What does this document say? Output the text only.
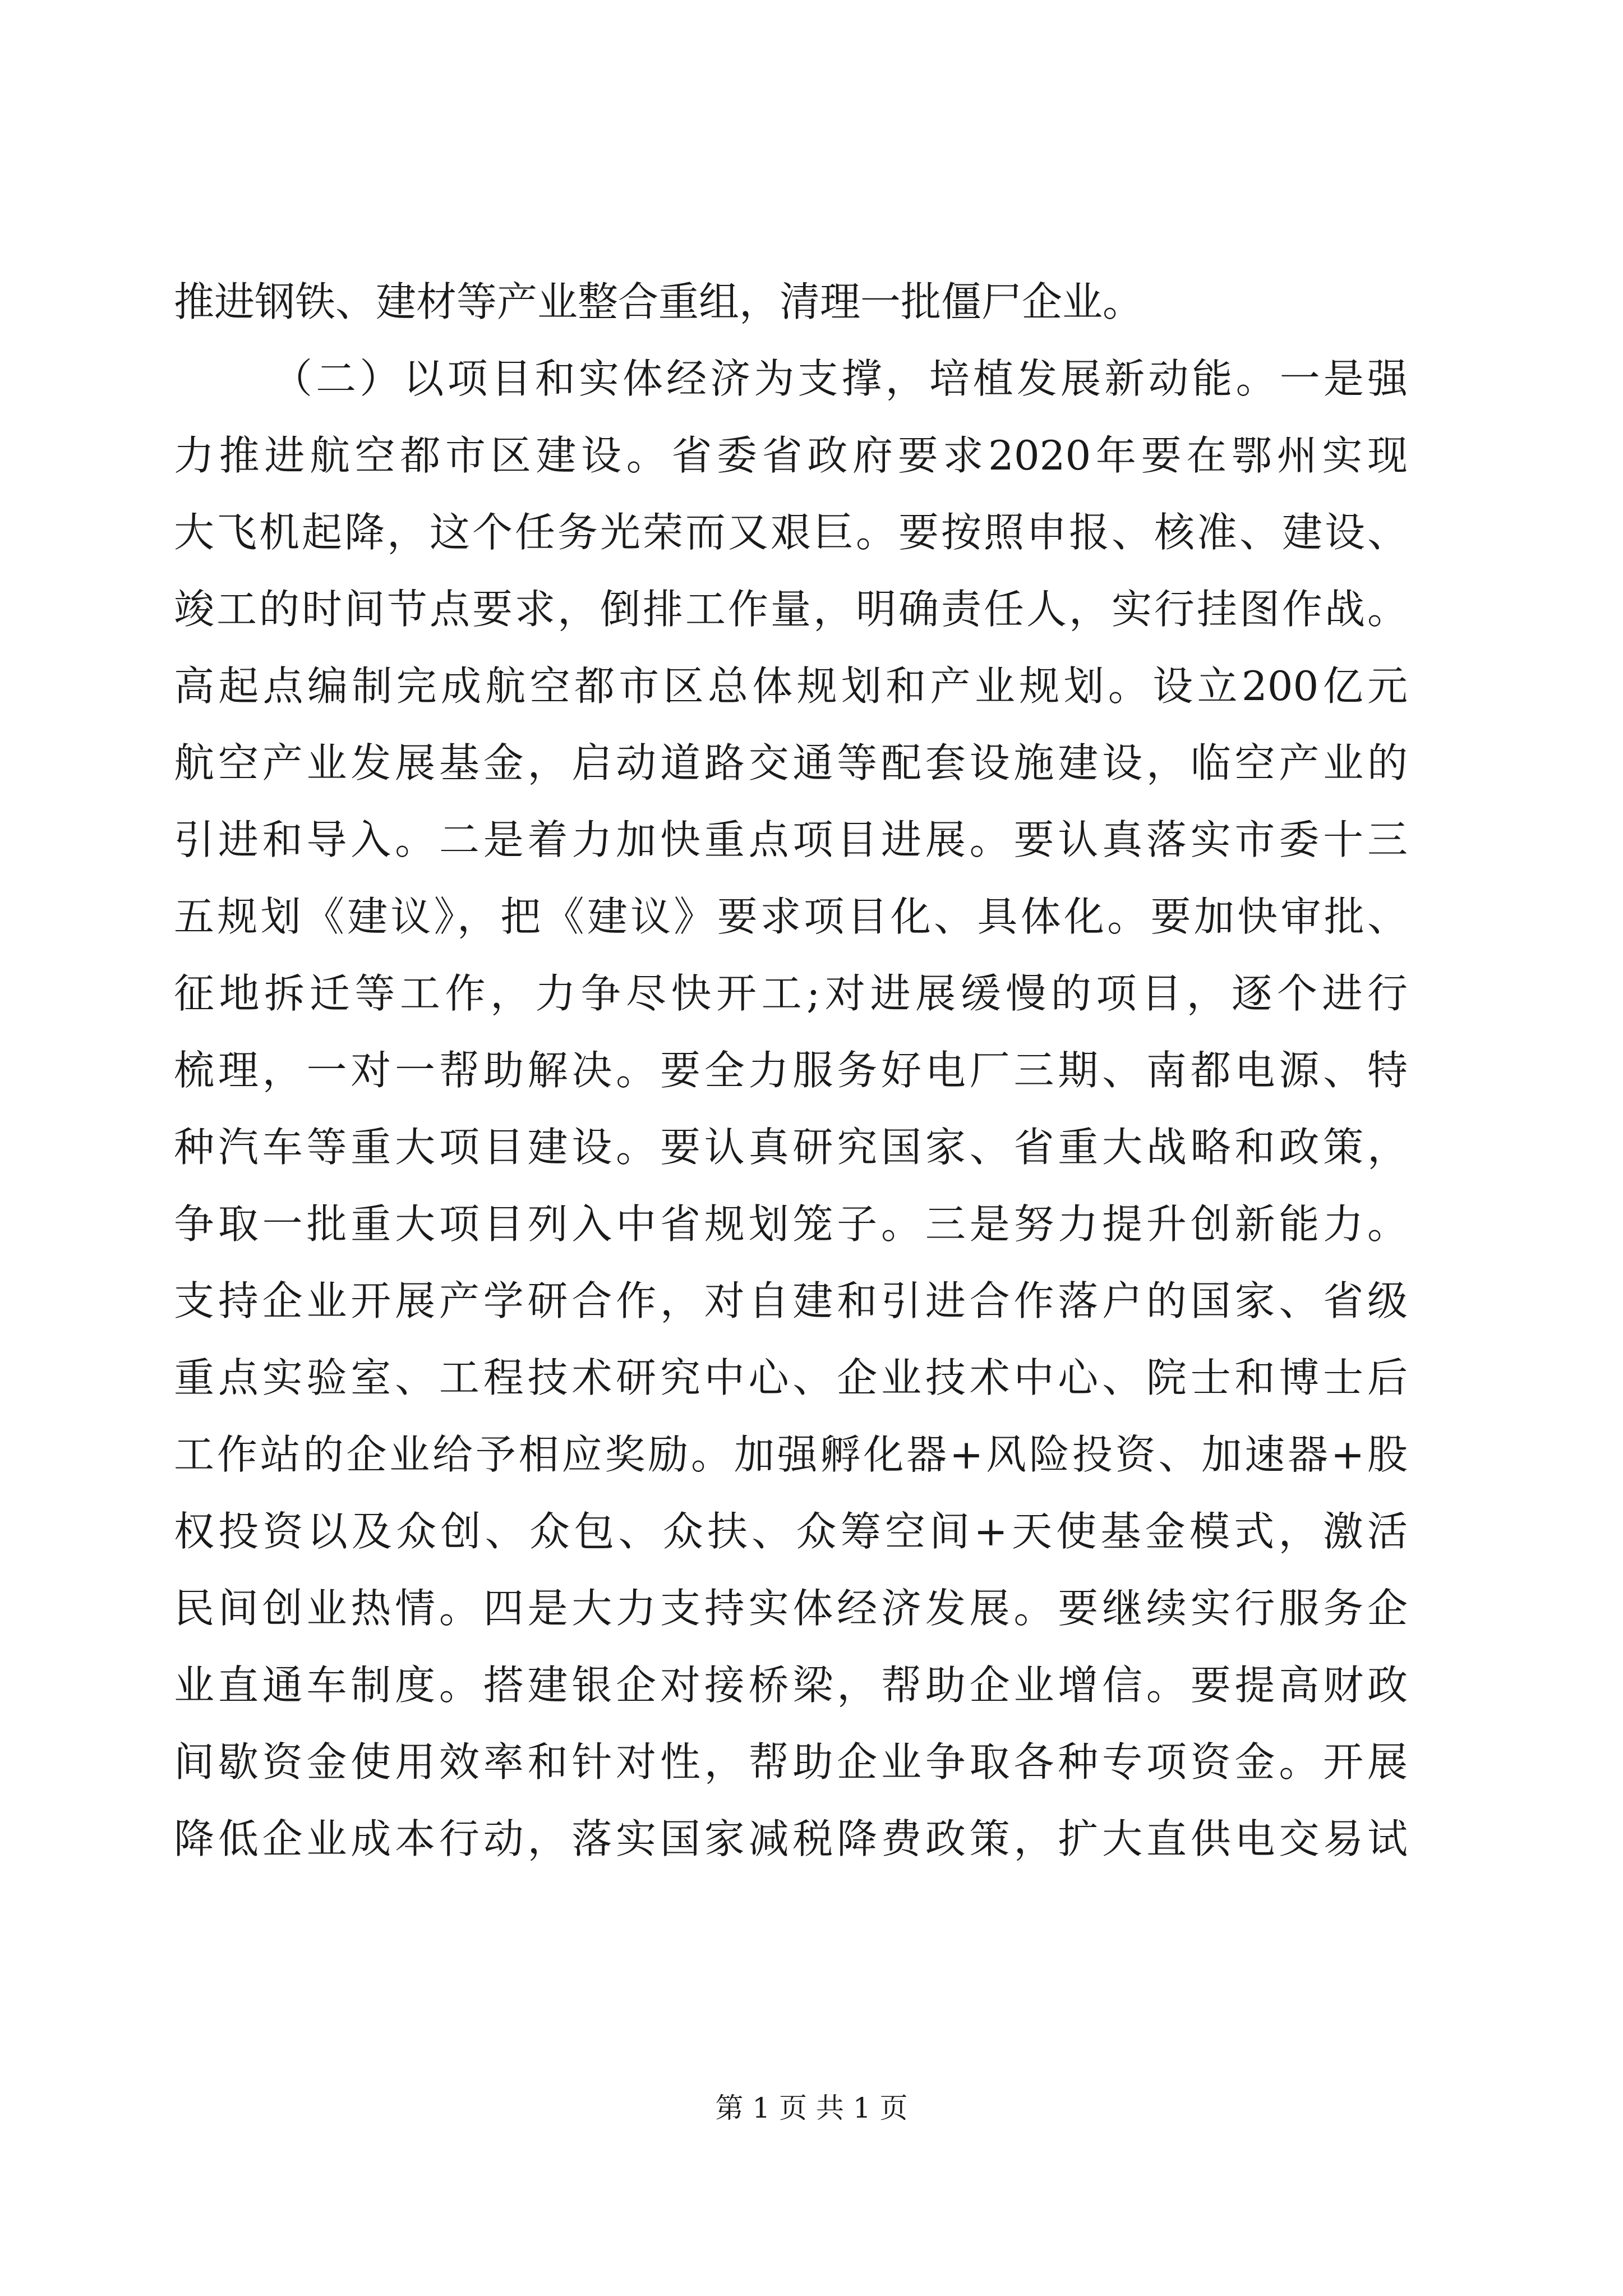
推进钢铁、建材等产业整合重组，清理一批僵尸企业。
（二）以项目和实体经济为支撑，培植发展新动能。一是强
力推进航空都市区建设。省委省政府要求2020年要在鄂州实现
大飞机起降，这个任务光荣而又艰巨。要按照申报、核准、建设、
竣工的时间节点要求，倒排工作量，明确责任人，实行挂图作战。
高起点编制完成航空都市区总体规划和产业规划。设立200亿元
航空产业发展基金，启动道路交通等配套设施建设，临空产业的
引进和导入。二是着力加快重点项目进展。要认真落实市委十三
五规划《建议》，把《建议》要求项目化、具体化。要加快审批、
征地拆迁等工作，力争尽快开工;对进展缓慢的项目，逐个进行
梳理，一对一帮助解决。要全力服务好电厂三期、南都电源、特
种汽车等重大项目建设。要认真研究国家、省重大战略和政策，
争取一批重大项目列入中省规划笼子。三是努力提升创新能力。
支持企业开展产学研合作，对自建和引进合作落户的国家、省级
重点实验室、工程技术研究中心、企业技术中心、院士和博士后
工作站的企业给予相应奖励。加强孵化器+风险投资、加速器+股
权投资以及众创、众包、众扶、众筹空间+天使基金模式，激活
民间创业热情。四是大力支持实体经济发展。要继续实行服务企
业直通车制度。搭建银企对接桥梁，帮助企业增信。要提高财政
间歇资金使用效率和针对性，帮助企业争取各种专项资金。开展
降低企业成本行动，落实国家减税降费政策，扩大直供电交易试
第 1 页 共 1 页
